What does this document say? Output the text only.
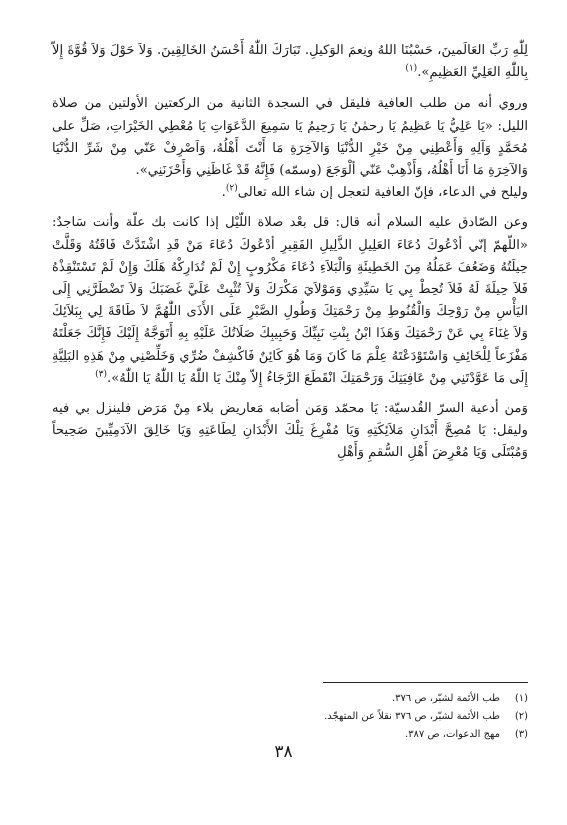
لِلّٰهِ رَبِّ العَالَمينَ، حَسْبُنَا اللهُ ونِعمَ الوَكيلِ. تَبَارَكَ اللّٰهُ أَحْسَنُ الخَالِقِينَ. وَلاَ حَوْلَ وَلاَ قُوَّةَ إِلاّ بِاللّٰهِ العَلِيِّ العَظِيمِ».$^{(١)}$

وروي أنه من طلب العافية فليقل في السجدة الثانية من الركعتين الأولتين من صلاة الليل: «يَا عَلِيُّ يَا عَظِيمُ يَا رحمٰنُ يَا رَحِيمُ يَا سَمِيعَ الدَّعَوَاتِ يَا مُعْطِي الخَيْرَاتِ، صَلِّ على مُحَمَّدٍ وَآلِهِ وَأَعْطِنِي مِنْ خَيْرِ الدُّنْيَا وَالآخِرَةِ مَا أَنْتَ أَهْلُهُ، وَاَصْرِفْ عَنّي مِنْ شَرِّ الدُّنْيَا وَالآخِرَةِ مَا أَنَا أَهْلُهُ، وَأَذْهِبْ عَنّي ألْوَجَعَ (وسمّه) فَإِنَّهُ قَدْ غَاظَنِي وَأَحْزَنَنِي».

وليلح في الدعاء، فإنّ العافية لتعجل إن شاء الله تعالى$^{(٢)}$.

وعن الصّادق عليه السلام أنه قال: قل بعْد صلاة اللّيْل إذا كانت بك علّة وأنت سَاجدٌ: «اللّهمّ إنّي أدْعُوكَ دُعَاءَ العَلِيلِ الذَّلِيلِ الفَقِيرِ أدْعُوكَ دُعَاءَ مَنْ قَدِ اشْتَدَّتْ فَاقَتُهُ وَقَلَّتْ حِيلَتُهُ وَضَعُفَ عَمَلُهُ مِنَ الخَطِيئَةِ وَالْبَلاَءِ دُعَاءَ مَكْرُوبٍ إِنْ لَمْ تُدَارِكْهُ هَلَكَ وَإِنْ لَمْ تَسْتَنْقِذْهُ فَلاَ حِيلَةَ لَهُ فَلاَ تُحِطْ بِي يَا سَيِّدِي وَمَوْلاَيَ مَكْرَكَ وَلاَ تُثْبِتْ عَلَيَّ غَضَبَكَ وَلاَ تَضْطَرَّنِي إِلَى اليَأْسِ مِنْ رَوْحِكَ وَالْقُنُوطِ مِنْ رَحْمَتِكَ وَطُولِ الصَّبْرِ عَلَى الأَذَى اللّٰهُمَّ لاَ طَاقَةَ لِي بِبَلاَئِكَ وَلاَ غِنَاءَ بِي عَنْ رَحْمَتِكَ وَهَذَا ابْنُ بِنْتِ نَبِيِّكَ وَحَبِيبِكَ صَلَاتُكَ عَلَيْهِ بِهِ أَتَوَجَّهُ إِلَيْكَ فَإِنَّكَ جَعَلْتَهُ مَفْزَعاً لِلْخَائِفِ وَاسْتَوْدَعْتَهُ عِلْمَ مَا كَانَ وَمَا هُوَ كَائِنٌ فَاكْشِفْ ضُرِّي وَخَلِّصْنِي مِنْ هَذِهِ البَلِيَّةِ إِلَى مَا عَوَّدْتَنِي مِنْ عَافِيَتِكَ وَرَحْمَتِكَ انْقَطَعَ الرَّجَاءُ إِلاّ مِنْكَ يَا اللّٰهُ يَا اللّٰهُ يَا اللّٰهُ».$^{(٣)}$

وَمن أدعية السرّ القُدسيّة: يَا محمّد وَمَن أصَابه مَعاريض بلاء مِنْ مَرَض فلينزل بي فيه وليقل: يَا مُصِحَّ أَبْدَانِ مَلاَئِكَتِهِ وَيَا مُفْرِغَ تِلْكَ الأَبْدَانِ لِطَاعَتِهِ وَيَا خَالِقَ الآدَمِيِّينَ صَحِيحاً وَمُبْتَلَى وَيَا مُعْرِضَ أَهْلِ السُّقمِ وَأَهْلِ

(١)طب الأئمة لشبّر، ص ٣٧٦.

(٢)طب الأئمة لشبّر، ص ٣٧٦ نقلاً عن المتهجّد.

(٣)مهج الدعوات، ص ٣٨٧.

٣٨
